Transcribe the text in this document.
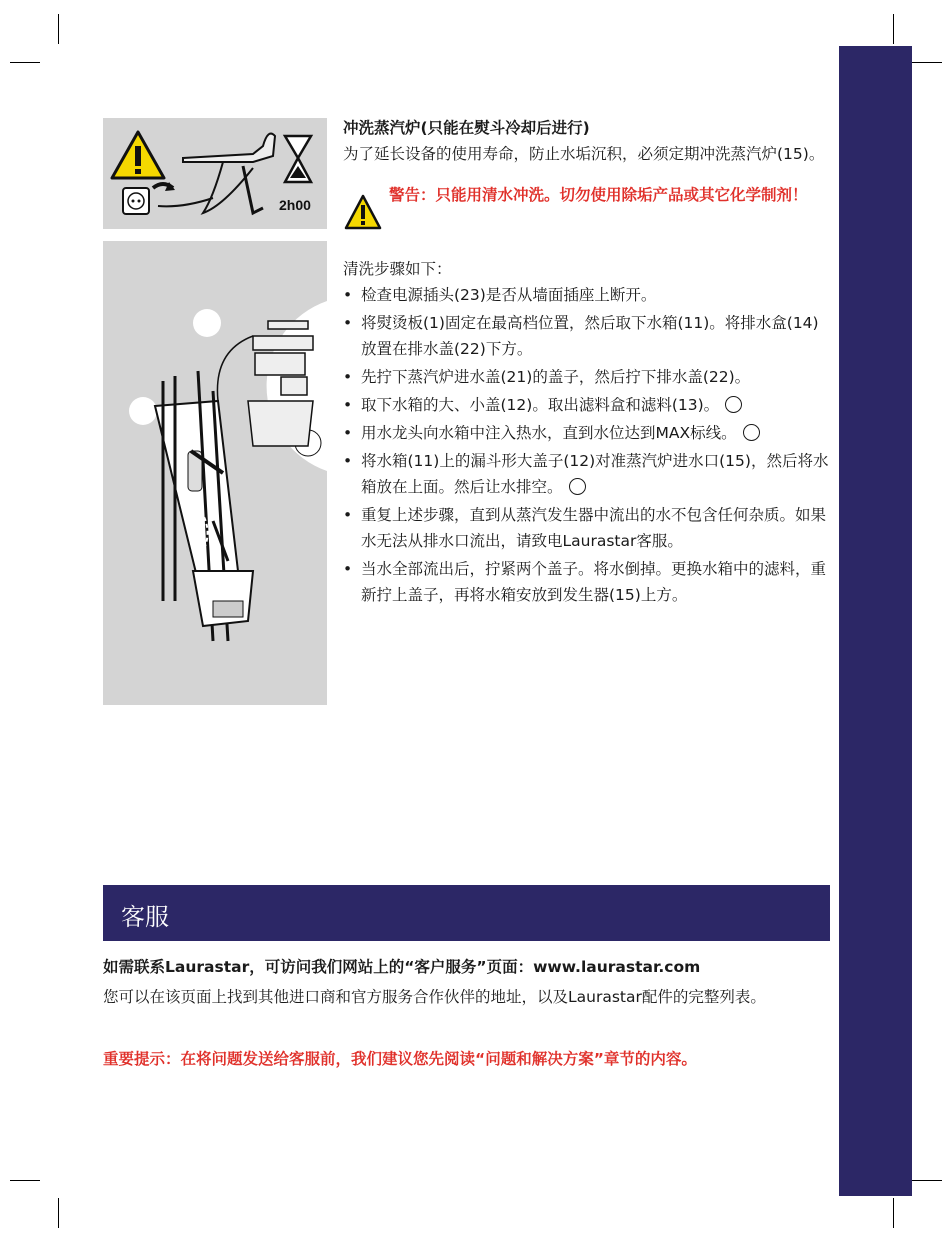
2h00

冲洗蒸汽炉(只能在熨斗冷却后进行)

为了延长设备的使用寿命，防止水垢沉积，必须定期冲洗蒸汽炉(15)。

警告：只能用清水冲洗。切勿使用除垢产品或其它化学制剂！

清洗步骤如下：

• 检查电源插头(23)是否从墙面插座上断开。
• 将熨烫板(1)固定在最高档位置，然后取下水箱(11)。将排水盒(14)放置在排水盖(22)下方。
• 先拧下蒸汽炉进水盖(21)的盖子，然后拧下排水盖(22)。
• 取下水箱的大、小盖(12)。取出滤料盒和滤料(13)。
• 用水龙头向水箱中注入热水，直到水位达到MAX标线。
• 将水箱(11)上的漏斗形大盖子(12)对准蒸汽炉进水口(15)，然后将水箱放在上面。然后让水排空。
• 重复上述步骤，直到从蒸汽发生器中流出的水不包含任何杂质。如果水无法从排水口流出，请致电Laurastar客服。
• 当水全部流出后，拧紧两个盖子。将水倒掉。更换水箱中的滤料，重新拧上盖子，再将水箱安放到发生器(15)上方。
客服
如需联系Laurastar，可访问我们网站上的“客户服务”页面：www.laurastar.com
您可以在该页面上找到其他进口商和官方服务合作伙伴的地址，以及Laurastar配件的完整列表。
重要提示：在将问题发送给客服前，我们建议您先阅读“问题和解决方案”章节的内容。
